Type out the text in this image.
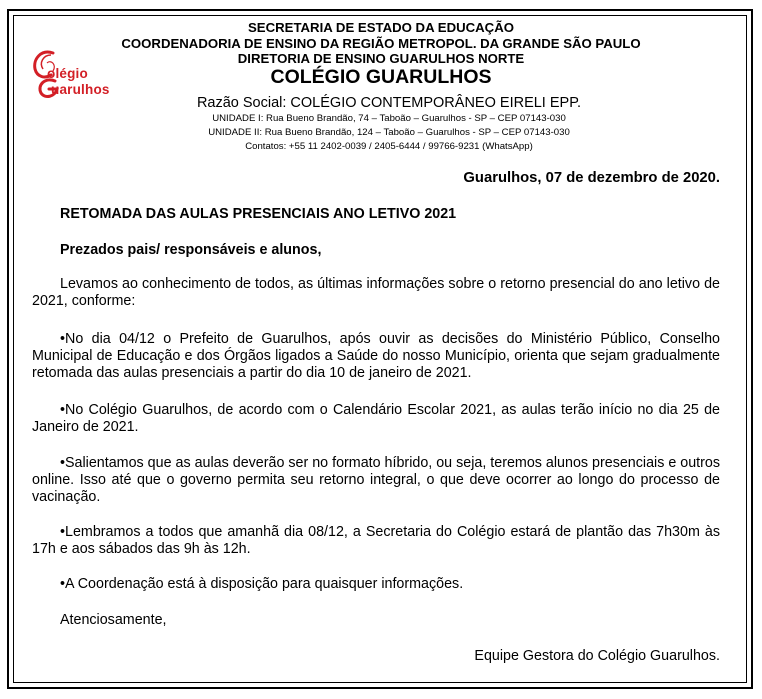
SECRETARIA DE ESTADO DA EDUCAÇÃO
COORDENADORIA DE ENSINO DA REGIÃO METROPOL. DA GRANDE SÃO PAULO
DIRETORIA DE ENSINO GUARULHOS NORTE
COLÉGIO GUARULHOS
Razão Social: COLÉGIO CONTEMPORÂNEO EIRELI EPP.
UNIDADE I: Rua Bueno Brandão, 74 – Taboão – Guarulhos - SP – CEP 07143-030
UNIDADE II: Rua Bueno Brandão, 124 – Taboão – Guarulhos - SP – CEP 07143-030
Contatos: +55 11 2402-0039 / 2405-6444 / 99766-9231 (WhatsApp)
olégio
uarulhos
Guarulhos, 07 de dezembro de 2020.
RETOMADA DAS AULAS PRESENCIAIS ANO LETIVO 2021
Prezados pais/ responsáveis e alunos,
Levamos ao conhecimento de todos, as últimas informações sobre o retorno presencial do ano letivo de 2021, conforme:
•No dia 04/12 o Prefeito de Guarulhos, após ouvir as decisões do Ministério Público, Conselho Municipal de Educação e dos Órgãos ligados a Saúde do nosso Município, orienta que sejam gradualmente retomada das aulas presenciais a partir do dia 10 de janeiro de 2021.
•No Colégio Guarulhos, de acordo com o Calendário Escolar 2021, as aulas terão início no dia 25 de Janeiro de 2021.
•Salientamos que as aulas deverão ser no formato híbrido, ou seja, teremos alunos presenciais e outros online. Isso até que o governo permita seu retorno integral, o que deve ocorrer ao longo do processo de vacinação.
•Lembramos a todos que amanhã dia 08/12, a Secretaria do Colégio estará de plantão das 7h30m às 17h e aos sábados das 9h às 12h.
•A Coordenação está à disposição para quaisquer informações.
Atenciosamente,
Equipe Gestora do Colégio Guarulhos.
